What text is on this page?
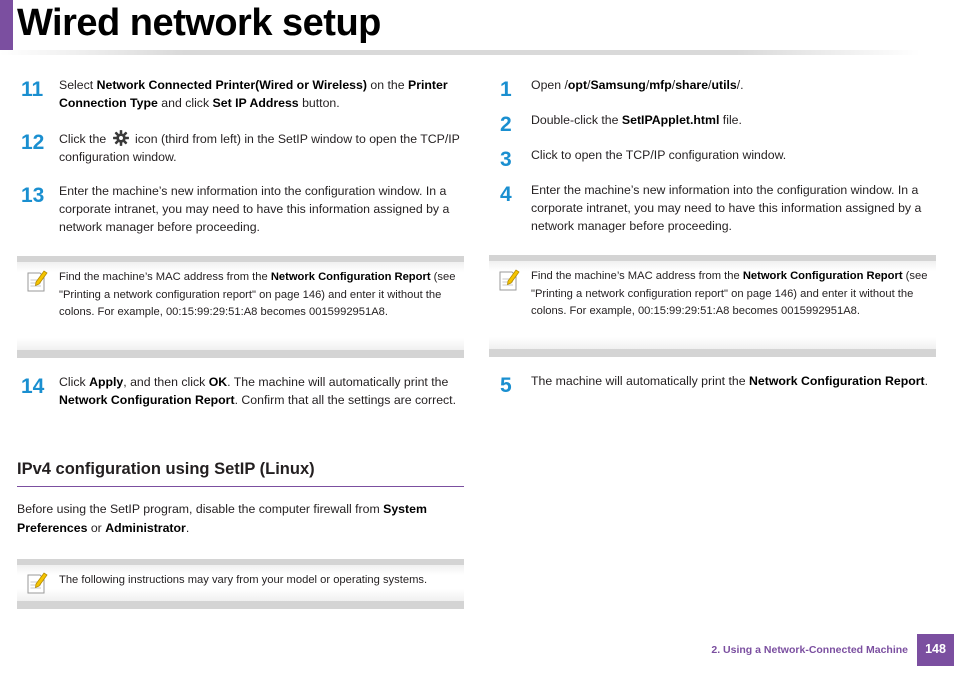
Wired network setup
11 Select Network Connected Printer(Wired or Wireless) on the Printer Connection Type and click Set IP Address button.
12 Click the  icon (third from left) in the SetIP window to open the TCP/IP configuration window.
13 Enter the machine’s new information into the configuration window. In a corporate intranet, you may need to have this information assigned by a network manager before proceeding.
Find the machine’s MAC address from the Network Configuration Report (see "Printing a network configuration report" on page 146) and enter it without the colons. For example, 00:15:99:29:51:A8 becomes 0015992951A8.
14 Click Apply, and then click OK. The machine will automatically print the Network Configuration Report. Confirm that all the settings are correct.
IPv4 configuration using SetIP (Linux)
Before using the SetIP program, disable the computer firewall from System Preferences or Administrator.
The following instructions may vary from your model or operating systems.
1 Open /opt/Samsung/mfp/share/utils/.
2 Double-click the SetIPApplet.html file.
3 Click to open the TCP/IP configuration window.
4 Enter the machine’s new information into the configuration window. In a corporate intranet, you may need to have this information assigned by a network manager before proceeding.
Find the machine’s MAC address from the Network Configuration Report (see "Printing a network configuration report" on page 146) and enter it without the colons. For example, 00:15:99:29:51:A8 becomes 0015992951A8.
5 The machine will automatically print the Network Configuration Report.
2. Using a Network-Connected Machine	148
